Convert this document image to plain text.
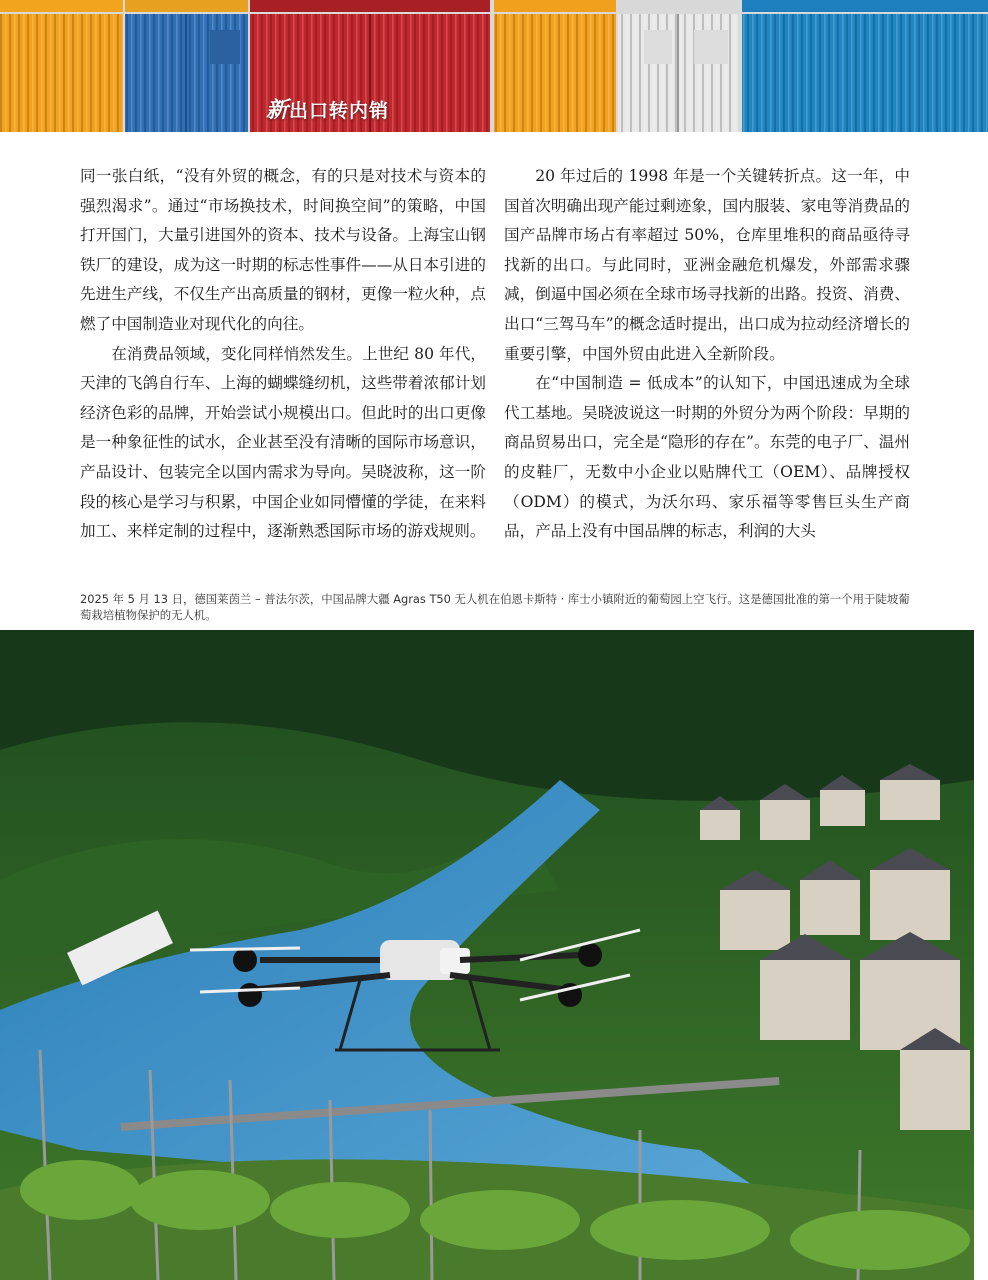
新出口转内销

同一张白纸，“没有外贸的概念，有的只是对技术与资本的强烈渴求”。通过“市场换技术，时间换空间”的策略，中国打开国门，大量引进国外的资本、技术与设备。上海宝山钢铁厂的建设，成为这一时期的标志性事件——从日本引进的先进生产线，不仅生产出高质量的钢材，更像一粒火种，点燃了中国制造业对现代化的向往。

在消费品领域，变化同样悄然发生。上世纪 80 年代，天津的飞鸽自行车、上海的蝴蝶缝纫机，这些带着浓郁计划经济色彩的品牌，开始尝试小规模出口。但此时的出口更像是一种象征性的试水，企业甚至没有清晰的国际市场意识，产品设计、包装完全以国内需求为导向。吴晓波称，这一阶段的核心是学习与积累，中国企业如同懵懂的学徒，在来料加工、来样定制的过程中，逐渐熟悉国际市场的游戏规则。

20 年过后的 1998 年是一个关键转折点。这一年，中国首次明确出现产能过剩迹象，国内服装、家电等消费品的国产品牌市场占有率超过 50%，仓库里堆积的商品亟待寻找新的出口。与此同时，亚洲金融危机爆发，外部需求骤减，倒逼中国必须在全球市场寻找新的出路。投资、消费、出口“三驾马车”的概念适时提出，出口成为拉动经济增长的重要引擎，中国外贸由此进入全新阶段。

在“中国制造 = 低成本”的认知下，中国迅速成为全球代工基地。吴晓波说这一时期的外贸分为两个阶段：早期的商品贸易出口，完全是“隐形的存在”。东莞的电子厂、温州的皮鞋厂，无数中小企业以贴牌代工（OEM）、品牌授权（ODM）的模式，为沃尔玛、家乐福等零售巨头生产商品，产品上没有中国品牌的标志，利润的大头

2025 年 5 月 13 日，德国莱茵兰 – 普法尔茨，中国品牌大疆 Agras T50 无人机在伯恩卡斯特 · 库士小镇附近的葡萄园上空飞行。这是德国批准的第一个用于陡坡葡萄栽培植物保护的无人机。
